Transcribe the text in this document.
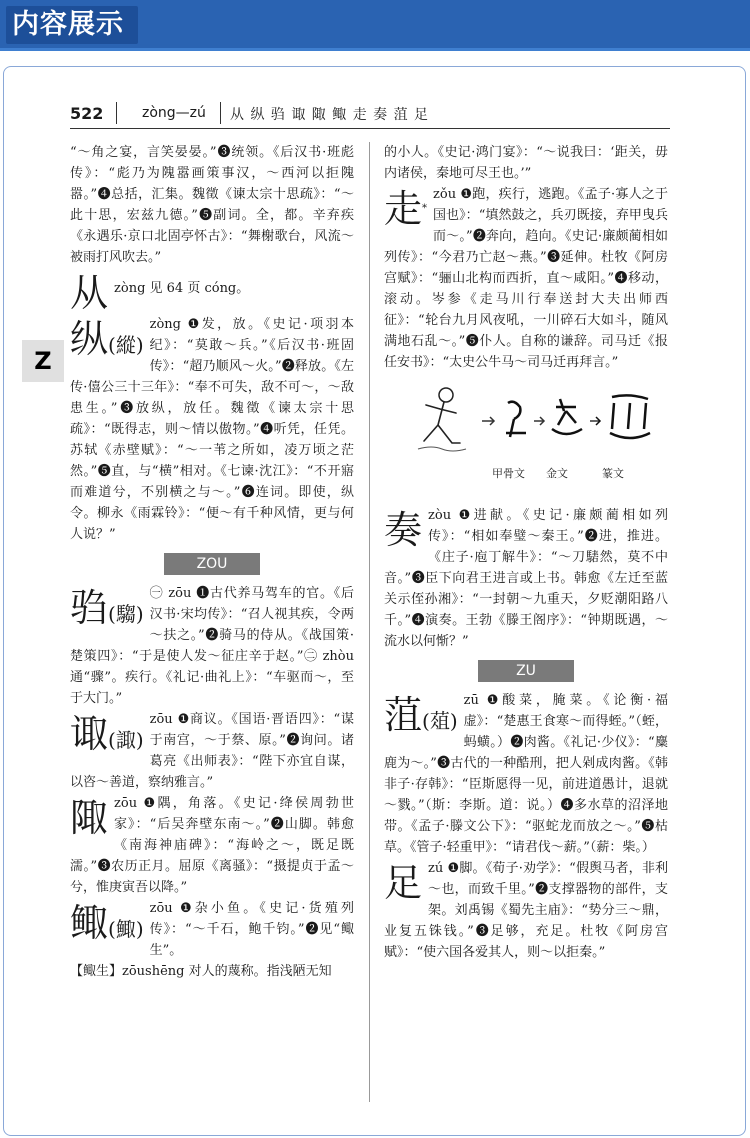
内容展示
Z
522	zòng—zú 从 纵 驺 诹 陬 鲰 走 奏 菹 足

“～角之宴，言笑晏晏。”❸统领。《后汉书·班彪传》：“彪乃为隗嚣画策事汉，～西河以拒隗嚣。”❹总括，汇集。魏徵《谏太宗十思疏》：“～此十思，宏兹九德。”❺副词。全，都。辛弃疾《永遇乐·京口北固亭怀古》：“舞榭歌台，风流～被雨打风吹去。”

从 zòng 见 64 页 cóng。

纵(縱)

zòng ❶发，放。《史记·项羽本纪》：“莫敢～兵。”《后汉书·班固传》：“超乃顺风～火。”❷释放。《左传·僖公三十三年》：“奉不可失，敌不可～，～敌患生。”❸放纵，放任。魏徵《谏太宗十思疏》：“既得志，则～情以傲物。”❹听凭，任凭。苏轼《赤壁赋》：“～一苇之所如，凌万顷之茫然。”❺直，与“横”相对。《七谏·沈江》：“不开寤而难道兮，不别横之与～。”❻连词。即使，纵令。柳永《雨霖铃》：“便～有千种风情，更与何人说？”

ZOU
驺(騶)

㊀ zōu ❶古代养马驾车的官。《后汉书·宋均传》：“召人视其疾，令两～扶之。”❷骑马的侍从。《战国策·楚策四》：“于是使人发～征庄辛于赵。”㊁ zhòu 通“骤”。疾行。《礼记·曲礼上》：“车驱而～，至于大门。”

诹(諏)

zōu ❶商议。《国语·晋语四》：“谋于南宫，～于蔡、原。”❷询问。诸葛亮《出师表》：“陛下亦宜自谋，以咨～善道，察纳雅言。”

陬 zōu ❶隅，角落。《史记·绛侯周勃世家》：“后吴奔壁东南～。”❷山脚。韩愈《南海神庙碑》：“海岭之～，既足既濡。”❸农历正月。屈原《离骚》：“摄提贞于孟～兮，惟庚寅吾以降。”

鲰(鯫)

zōu ❶杂小鱼。《史记·货殖列传》：“～千石，鲍千钧。”❷见“鲰生”。

【鲰生】zōushēng 对人的蔑称。指浅陋无知

的小人。《史记·鸿门宴》：“～说我曰：‘距关，毋内诸侯，秦地可尽王也。’”

走*

zǒu ❶跑，疾行，逃跑。《孟子·寡人之于国也》：“填然鼓之，兵刃既接，弃甲曳兵而～。”❷奔向，趋向。《史记·廉颇蔺相如列传》：“今君乃亡赵～燕。”❸延伸。杜牧《阿房宫赋》：“骊山北构而西折，直～咸阳。”❹移动，滚动。岑参《走马川行奉送封大夫出师西征》：“轮台九月风夜吼，一川碎石大如斗，随风满地石乱～。”❺仆人。自称的谦辞。司马迁《报任安书》：“太史公牛马～司马迁再拜言。”

甲骨文 金文	篆文
奏 zòu ❶进献。《史记·廉颇蔺相如列传》：“相如奉璧～秦王。”❷进，推进。《庄子·庖丁解牛》：“～刀騞然，莫不中音。”❸臣下向君王进言或上书。韩愈《左迁至蓝关示侄孙湘》：“一封朝～九重天，夕贬潮阳路八千。”❹演奏。王勃《滕王阁序》：“钟期既遇，～流水以何惭？”

ZU
菹(葅)

zū ❶酸菜，腌菜。《论衡·福虚》：“楚惠王食寒～而得蛭。”（蛭，蚂蟥。）❷肉酱。《礼记·少仪》：“麋鹿为～。”❸古代的一种酷刑，把人剁成肉酱。《韩非子·存韩》：“臣斯愿得一见，前进道愚计，退就～戮。”（斯：李斯。道：说。）❹多水草的沼泽地带。《孟子·滕文公下》：“驱蛇龙而放之～。”❺枯草。《管子·轻重甲》：“请君伐～薪。”（薪：柴。）

足 zú ❶脚。《荀子·劝学》：“假舆马者，非利～也，而致千里。”❷支撑器物的部件，支架。刘禹锡《蜀先主庙》：“势分三～鼎，业复五铢钱。”❸足够，充足。杜牧《阿房宫赋》：“使六国各爱其人，则～以拒秦。”
